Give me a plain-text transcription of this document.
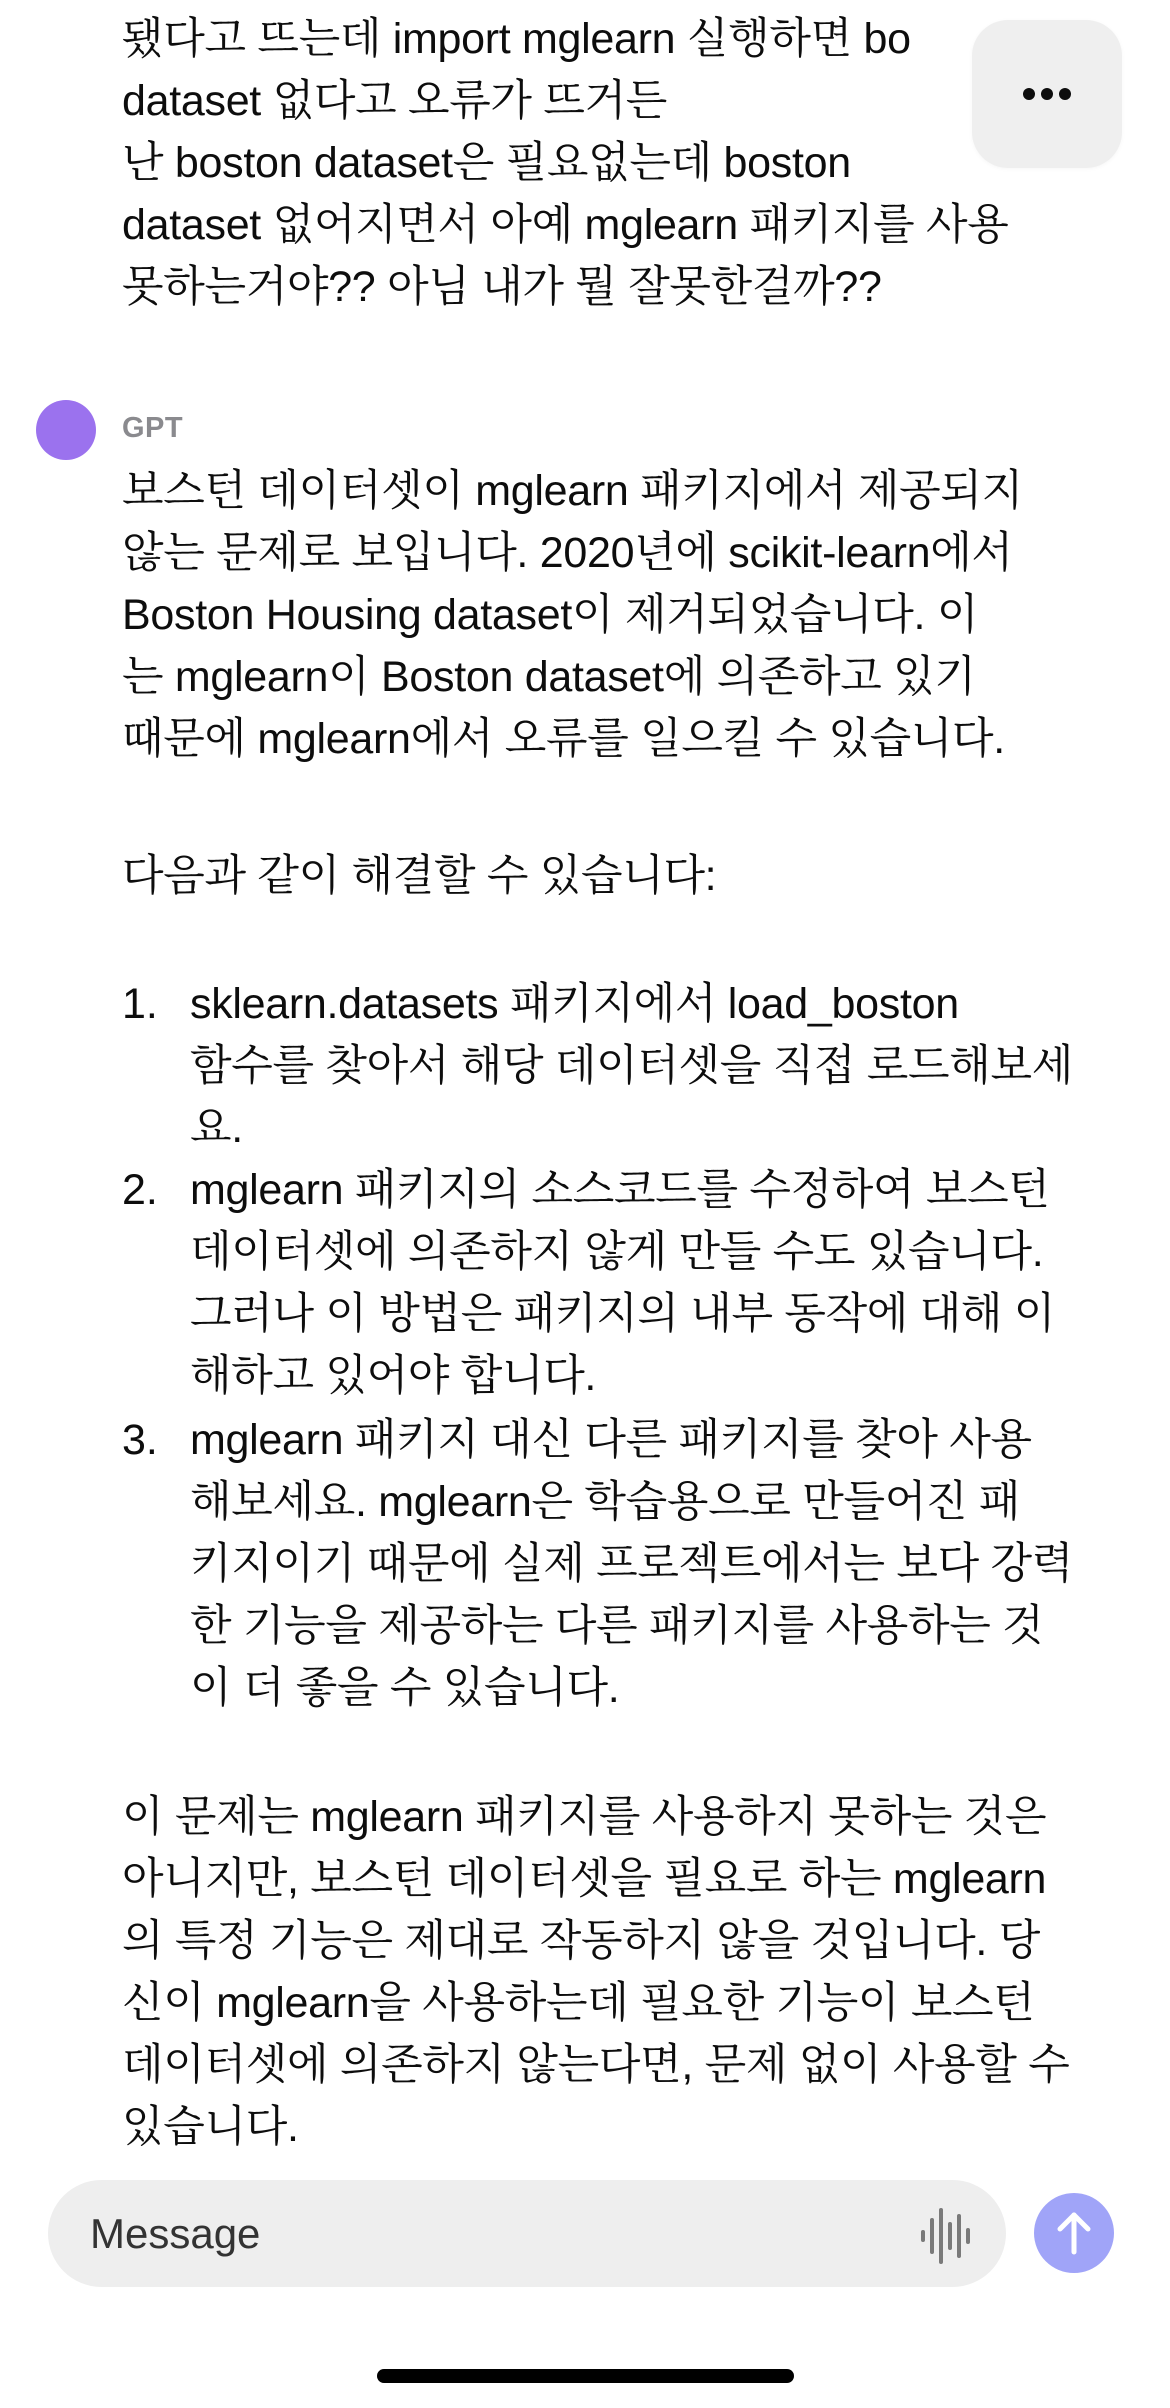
됐다고 뜨는데 import mglearn 실행하면 bo
dataset 없다고 오류가 뜨거든
난 boston dataset은 필요없는데 boston
dataset 없어지면서 아예 mglearn 패키지를 사용
못하는거야?? 아님 내가 뭘 잘못한걸까??
GPT
보스턴 데이터셋이 mglearn 패키지에서 제공되지
않는 문제로 보입니다. 2020년에 scikit-learn에서
Boston Housing dataset이 제거되었습니다. 이
는 mglearn이 Boston dataset에 의존하고 있기
때문에 mglearn에서 오류를 일으킬 수 있습니다.
다음과 같이 해결할 수 있습니다:
1. sklearn.datasets 패키지에서 load_boston
함수를 찾아서 해당 데이터셋을 직접 로드해보세
요.
2. mglearn 패키지의 소스코드를 수정하여 보스턴
데이터셋에 의존하지 않게 만들 수도 있습니다.
그러나 이 방법은 패키지의 내부 동작에 대해 이
해하고 있어야 합니다.
3. mglearn 패키지 대신 다른 패키지를 찾아 사용
해보세요. mglearn은 학습용으로 만들어진 패
키지이기 때문에 실제 프로젝트에서는 보다 강력
한 기능을 제공하는 다른 패키지를 사용하는 것
이 더 좋을 수 있습니다.
이 문제는 mglearn 패키지를 사용하지 못하는 것은
아니지만, 보스턴 데이터셋을 필요로 하는 mglearn
의 특정 기능은 제대로 작동하지 않을 것입니다. 당
신이 mglearn을 사용하는데 필요한 기능이 보스턴
데이터셋에 의존하지 않는다면, 문제 없이 사용할 수
있습니다.
Message
